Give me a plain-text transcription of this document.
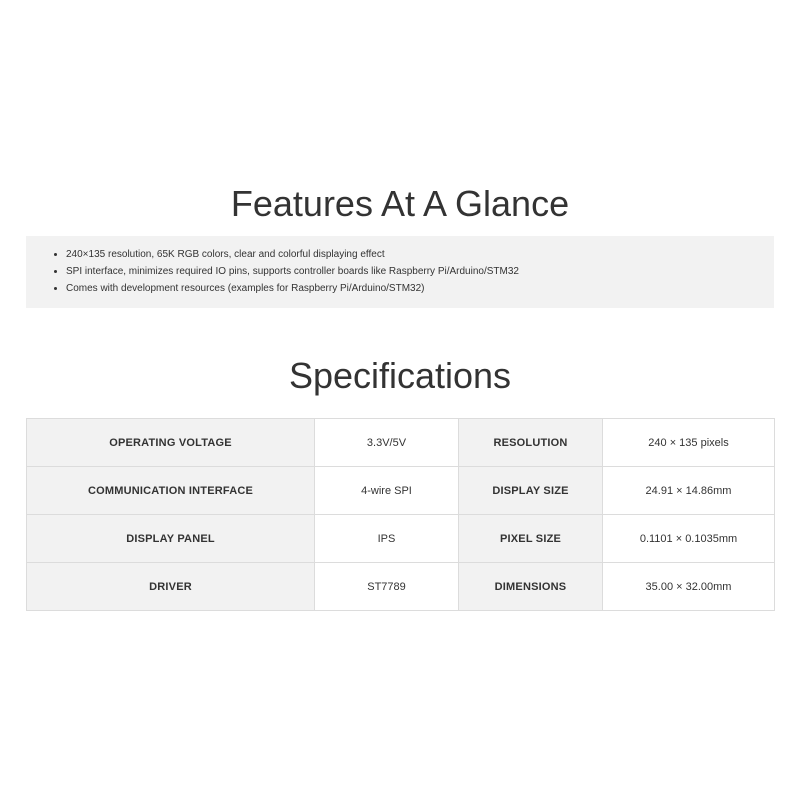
Features At A Glance
• 240×135 resolution, 65K RGB colors, clear and colorful displaying effect
• SPI interface, minimizes required IO pins, supports controller boards like Raspberry Pi/Arduino/STM32
• Comes with development resources (examples for Raspberry Pi/Arduino/STM32)
Specifications
OPERATING VOLTAGE	3.3V/5V	RESOLUTION	240 × 135 pixels
COMMUNICATION INTERFACE	4-wire SPI	DISPLAY SIZE	24.91 × 14.86mm
DISPLAY PANEL	IPS	PIXEL SIZE	0.1101 × 0.1035mm
DRIVER	ST7789	DIMENSIONS	35.00 × 32.00mm
